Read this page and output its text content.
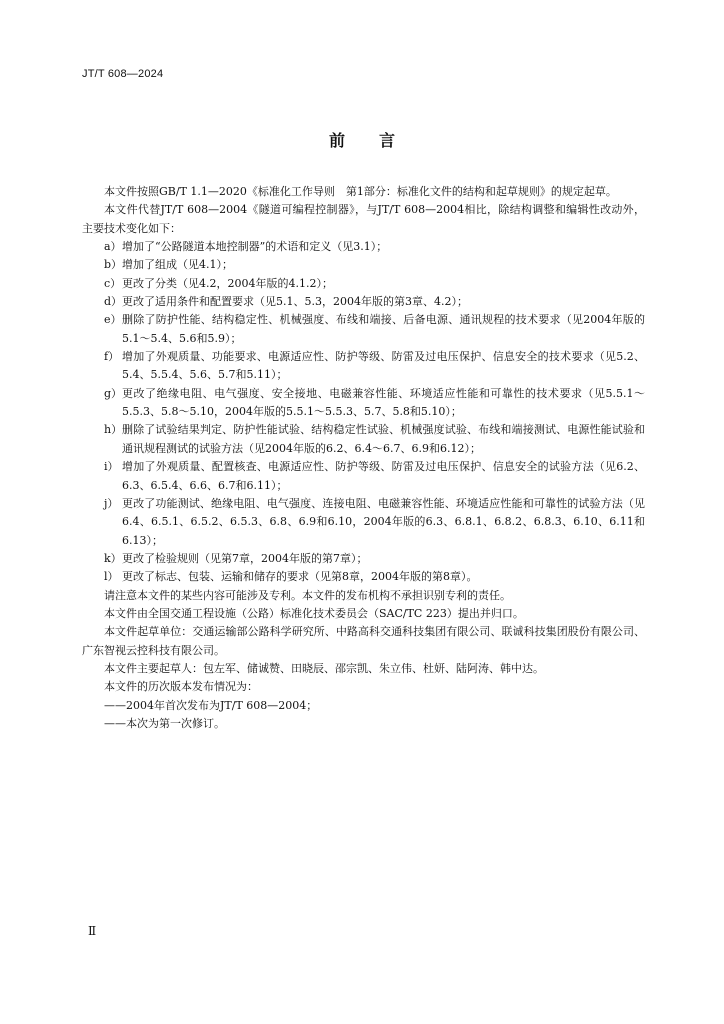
JT/T 608—2024
前言

本文件按照GB/T 1.1—2020《标准化工作导则　第1部分：标准化文件的结构和起草规则》的规定起草。

本文件代替JT/T 608—2004《隧道可编程控制器》，与JT/T 608—2004相比，除结构调整和编辑性改动外，主要技术变化如下：

a） 增加了“公路隧道本地控制器”的术语和定义（见3.1）；
b） 增加了组成（见4.1）；
c） 更改了分类（见4.2，2004年版的4.1.2）；
d） 更改了适用条件和配置要求（见5.1、5.3，2004年版的第3章、4.2）；
e） 删除了防护性能、结构稳定性、机械强度、布线和端接、后备电源、通讯规程的技术要求（见2004年版的5.1～5.4、5.6和5.9）；
f） 增加了外观质量、功能要求、电源适应性、防护等级、防雷及过电压保护、信息安全的技术要求（见5.2、5.4、5.5.4、5.6、5.7和5.11）；
g） 更改了绝缘电阻、电气强度、安全接地、电磁兼容性能、环境适应性能和可靠性的技术要求（见5.5.1～5.5.3、5.8～5.10，2004年版的5.5.1～5.5.3、5.7、5.8和5.10）；
h） 删除了试验结果判定、防护性能试验、结构稳定性试验、机械强度试验、布线和端接测试、电源性能试验和通讯规程测试的试验方法（见2004年版的6.2、6.4～6.7、6.9和6.12）；
i） 增加了外观质量、配置核查、电源适应性、防护等级、防雷及过电压保护、信息安全的试验方法（见6.2、6.3、6.5.4、6.6、6.7和6.11）；
j） 更改了功能测试、绝缘电阻、电气强度、连接电阻、电磁兼容性能、环境适应性能和可靠性的试验方法（见6.4、6.5.1、6.5.2、6.5.3、6.8、6.9和6.10，2004年版的6.3、6.8.1、6.8.2、6.8.3、6.10、6.11和6.13）；
k） 更改了检验规则（见第7章，2004年版的第7章）；
l） 更改了标志、包装、运输和储存的要求（见第8章，2004年版的第8章）。

请注意本文件的某些内容可能涉及专利。本文件的发布机构不承担识别专利的责任。

本文件由全国交通工程设施（公路）标准化技术委员会（SAC/TC 223）提出并归口。

本文件起草单位：交通运输部公路科学研究所、中路高科交通科技集团有限公司、联诚科技集团股份有限公司、广东智视云控科技有限公司。

本文件主要起草人：包左军、储诚赞、田晓辰、邵宗凯、朱立伟、杜妍、陆阿涛、韩中达。

本文件的历次版本发布情况为：

——2004年首次发布为JT/T 608—2004；

——本次为第一次修订。

Ⅱ
